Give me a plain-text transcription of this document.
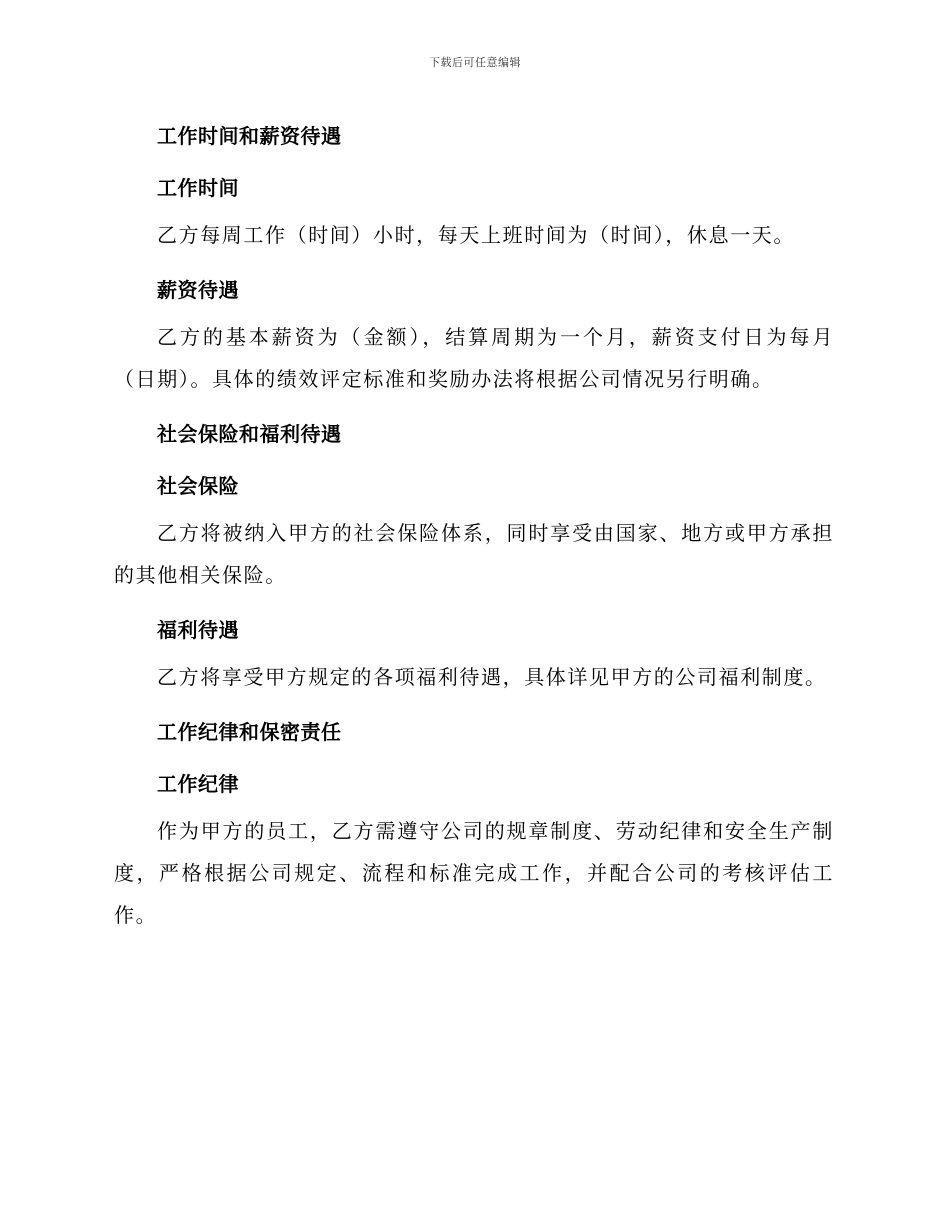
下载后可任意编辑
工作时间和薪资待遇
工作时间

乙方每周工作（时间）小时，每天上班时间为（时间），休息一天。

薪资待遇

乙方的基本薪资为（金额），结算周期为一个月，薪资支付日为每月（日期）。具体的绩效评定标准和奖励办法将根据公司情况另行明确。

社会保险和福利待遇
社会保险

乙方将被纳入甲方的社会保险体系，同时享受由国家、地方或甲方承担的其他相关保险。

福利待遇

乙方将享受甲方规定的各项福利待遇，具体详见甲方的公司福利制度。

工作纪律和保密责任
工作纪律

作为甲方的员工，乙方需遵守公司的规章制度、劳动纪律和安全生产制度，严格根据公司规定、流程和标准完成工作，并配合公司的考核评估工作。
